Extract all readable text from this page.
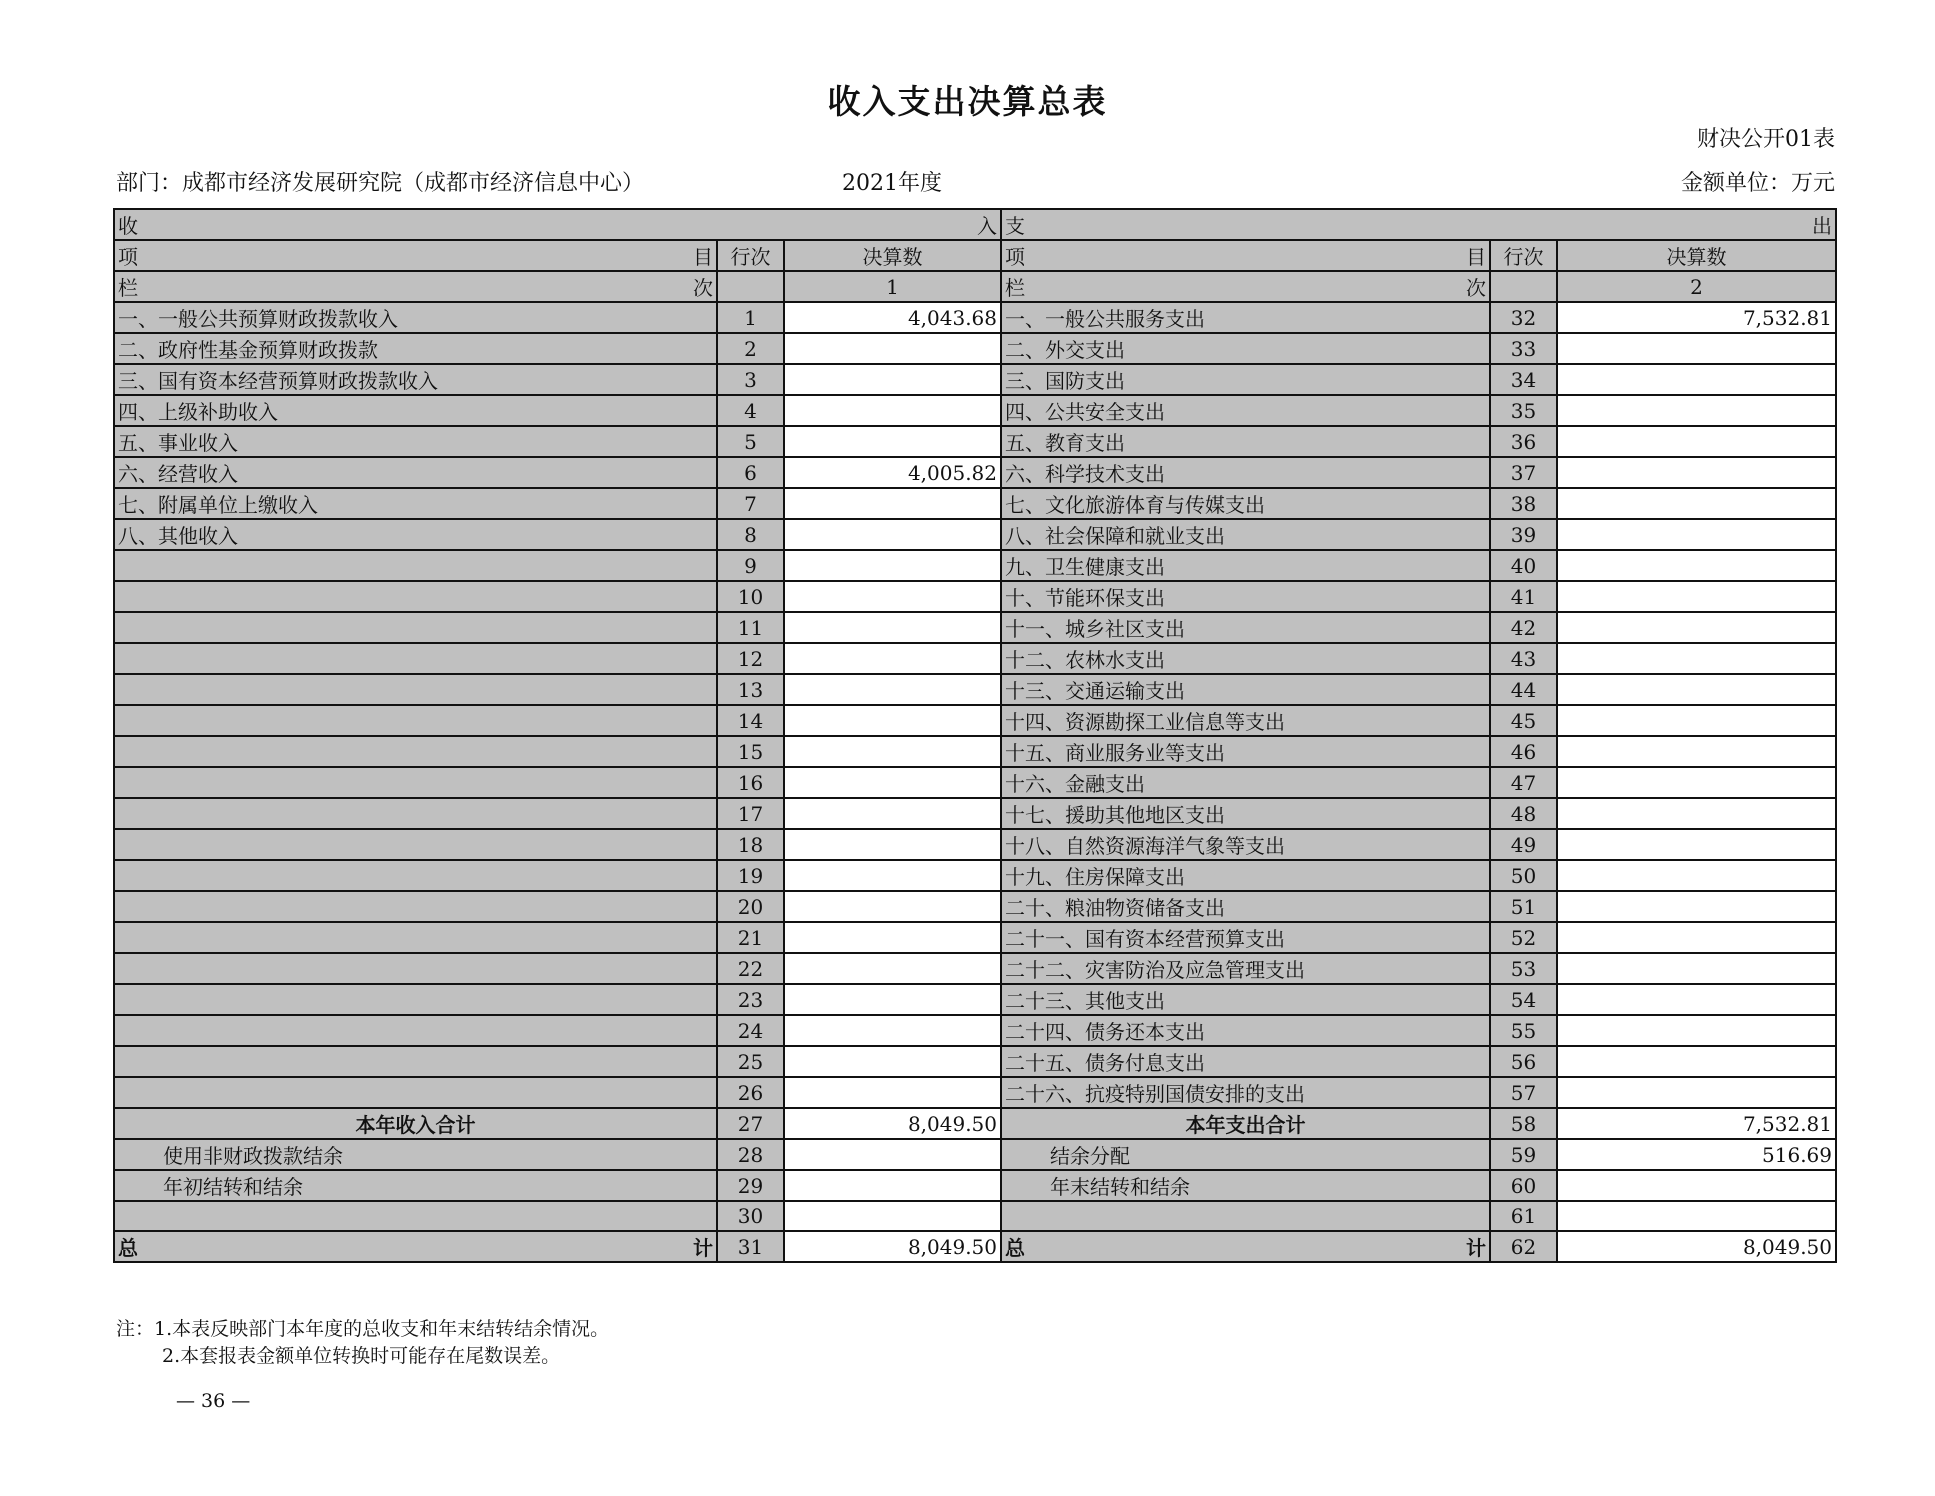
收入支出决算总表
财决公开01表
部门：成都市经济发展研究院（成都市经济信息中心）	2021年度	金额单位：万元
收 入			支 出		

项 目	行次	决算数	项 目	行次	决算数

栏 次		1	栏 次		2
一、一般公共预算财政拨款收入	1	4,043.68	一、一般公共服务支出	32	7,532.81
二、政府性基金预算财政拨款	2		二、外交支出	33	
三、国有资本经营预算财政拨款收入	3		三、国防支出	34	
四、上级补助收入	4		四、公共安全支出	35	
五、事业收入	5		五、教育支出	36	
六、经营收入	6	4,005.82	六、科学技术支出	37	
七、附属单位上缴收入	7		七、文化旅游体育与传媒支出	38	
八、其他收入	8		八、社会保障和就业支出	39	
	9		九、卫生健康支出	40	
	10		十、节能环保支出	41	
	11		十一、城乡社区支出	42	
	12		十二、农林水支出	43	
	13		十三、交通运输支出	44	
	14		十四、资源勘探工业信息等支出	45	
	15		十五、商业服务业等支出	46	
	16		十六、金融支出	47	
	17		十七、援助其他地区支出	48	
	18		十八、自然资源海洋气象等支出	49	
	19		十九、住房保障支出	50	
	20		二十、粮油物资储备支出	51	
	21		二十一、国有资本经营预算支出	52	
	22		二十二、灾害防治及应急管理支出	53	
	23		二十三、其他支出	54	
	24		二十四、债务还本支出	55	
	25		二十五、债务付息支出	56	
	26		二十六、抗疫特别国债安排的支出	57	
本年收入合计	27	8,049.50	本年支出合计	58	7,532.81
使用非财政拨款结余	28		结余分配	59	516.69
年初结转和结余	29		年末结转和结余	60	
	30			61	

总 计	31	8,049.50	总 计	62	8,049.50
注：1.本表反映部门本年度的总收支和年末结转结余情况。
2.本套报表金额单位转换时可能存在尾数误差。
— 36 —
